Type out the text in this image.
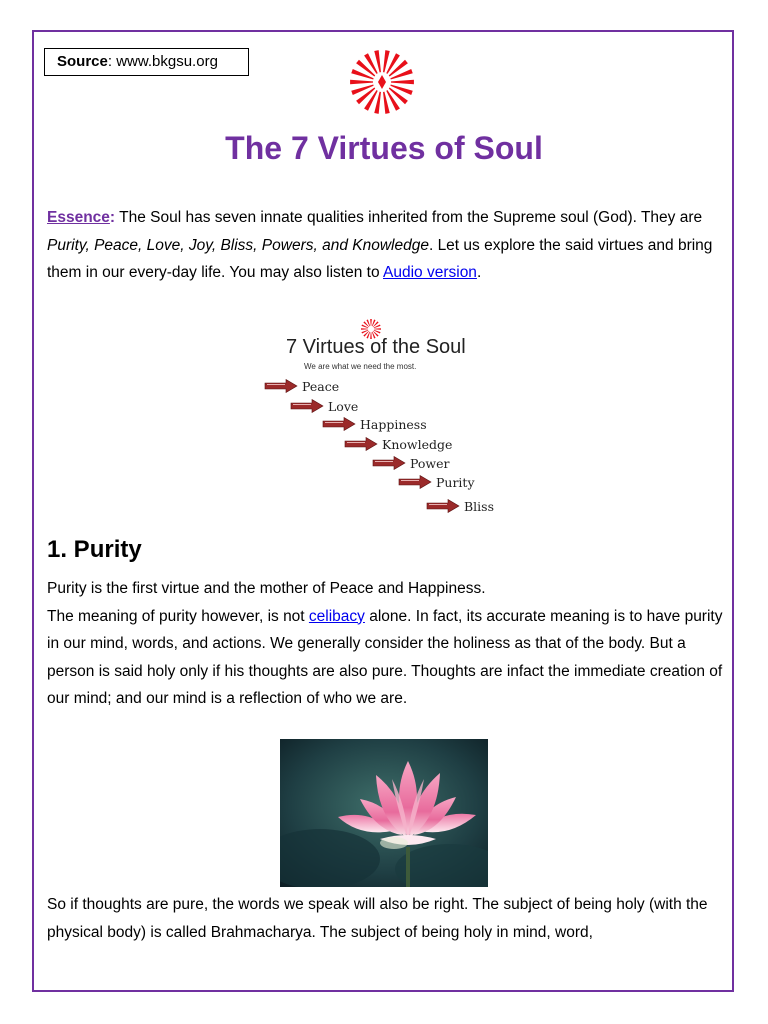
Source: www.bkgsu.org
The 7 Virtues of Soul
Essence: The Soul has seven innate qualities inherited from the Supreme soul (God). They are Purity, Peace, Love, Joy, Bliss, Powers, and Knowledge. Let us explore the said virtues and bring them in our every-day life. You may also listen to Audio version.
7 Virtues of the Soul
We are what we need the most.
Peace
Love
Happiness
Knowledge
Power
Purity
Bliss
1. Purity
Purity is the first virtue and the mother of Peace and Happiness.
The meaning of purity however, is not celibacy alone. In fact, its accurate meaning is to have purity in our mind, words, and actions. We generally consider the holiness as that of the body. But a person is said holy only if his thoughts are also pure. Thoughts are infact the immediate creation of our mind; and our mind is a reflection of who we are.
So if thoughts are pure, the words we speak will also be right. The subject of being holy (with the physical body) is called Brahmacharya. The subject of being holy in mind, word,
